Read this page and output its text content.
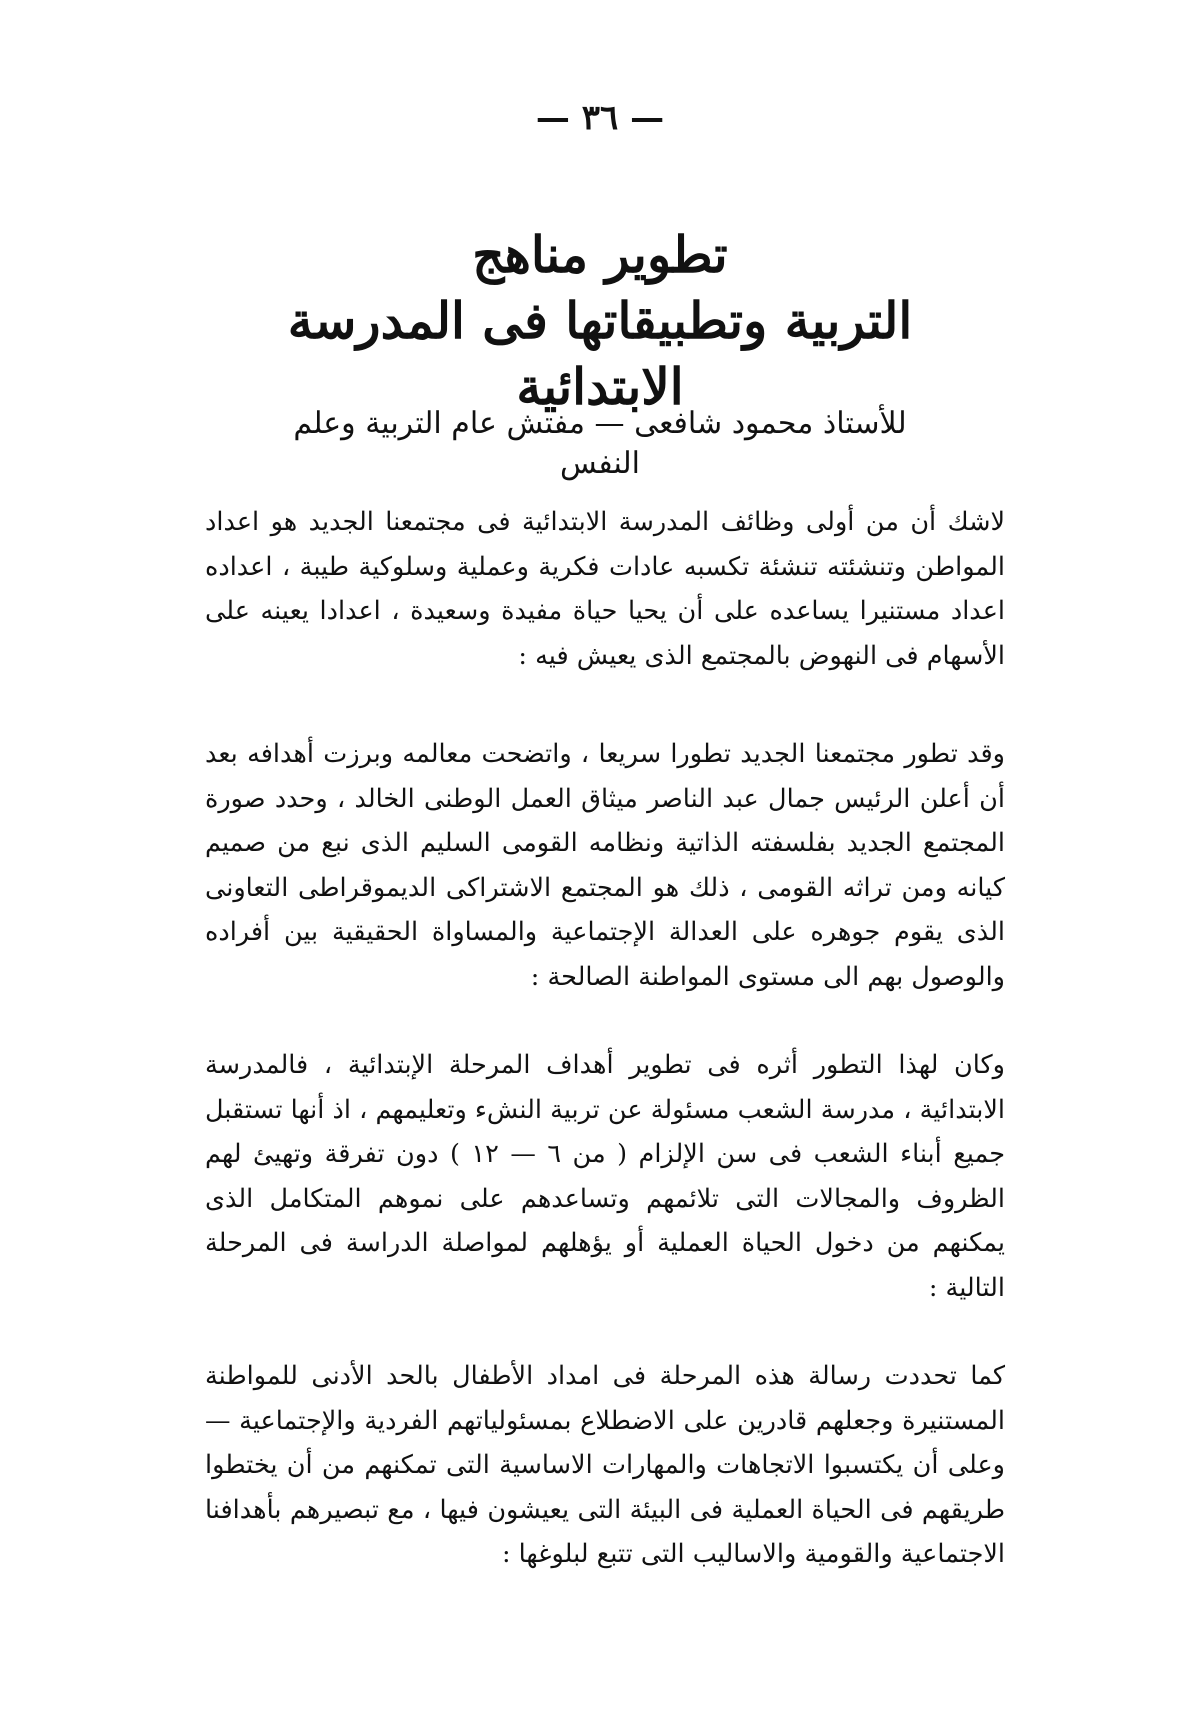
— ٣٦ —
تطوير مناهج
التربية وتطبيقاتها فى المدرسة الابتدائية
للأستاذ محمود شافعى — مفتش عام التربية وعلم النفس

لاشك أن من أولى وظائف المدرسة الابتدائية فى مجتمعنا الجديد هو اعداد المواطن وتنشئته تنشئة تكسبه عادات فكرية وعملية وسلوكية طيبة ، اعداده اعداد مستنيرا يساعده على أن يحيا حياة مفيدة وسعيدة ، اعدادا يعينه على الأسهام فى النهوض بالمجتمع الذى يعيش فيه :

وقد تطور مجتمعنا الجديد تطورا سريعا ، واتضحت معالمه وبرزت أهدافه بعد أن أعلن الرئيس جمال عبد الناصر ميثاق العمل الوطنى الخالد ، وحدد صورة المجتمع الجديد بفلسفته الذاتية ونظامه القومى السليم الذى نبع من صميم كيانه ومن تراثه القومى ، ذلك هو المجتمع الاشتراكى الديموقراطى التعاونى الذى يقوم جوهره على العدالة الإجتماعية والمساواة الحقيقية بين أفراده والوصول بهم الى مستوى المواطنة الصالحة :

وكان لهذا التطور أثره فى تطوير أهداف المرحلة الإبتدائية ، فالمدرسة الابتدائية ، مدرسة الشعب مسئولة عن تربية النشء وتعليمهم ، اذ أنها تستقبل جميع أبناء الشعب فى سن الإلزام ( من ٦ — ١٢ ) دون تفرقة وتهيئ لهم الظروف والمجالات التى تلائمهم وتساعدهم على نموهم المتكامل الذى يمكنهم من دخول الحياة العملية أو يؤهلهم لمواصلة الدراسة فى المرحلة التالية :

كما تحددت رسالة هذه المرحلة فى امداد الأطفال بالحد الأدنى للمواطنة المستنيرة وجعلهم قادرين على الاضطلاع بمسئولياتهم الفردية والإجتماعية — وعلى أن يكتسبوا الاتجاهات والمهارات الاساسية التى تمكنهم من أن يختطوا طريقهم فى الحياة العملية فى البيئة التى يعيشون فيها ، مع تبصيرهم بأهدافنا الاجتماعية والقومية والاساليب التى تتبع لبلوغها :
